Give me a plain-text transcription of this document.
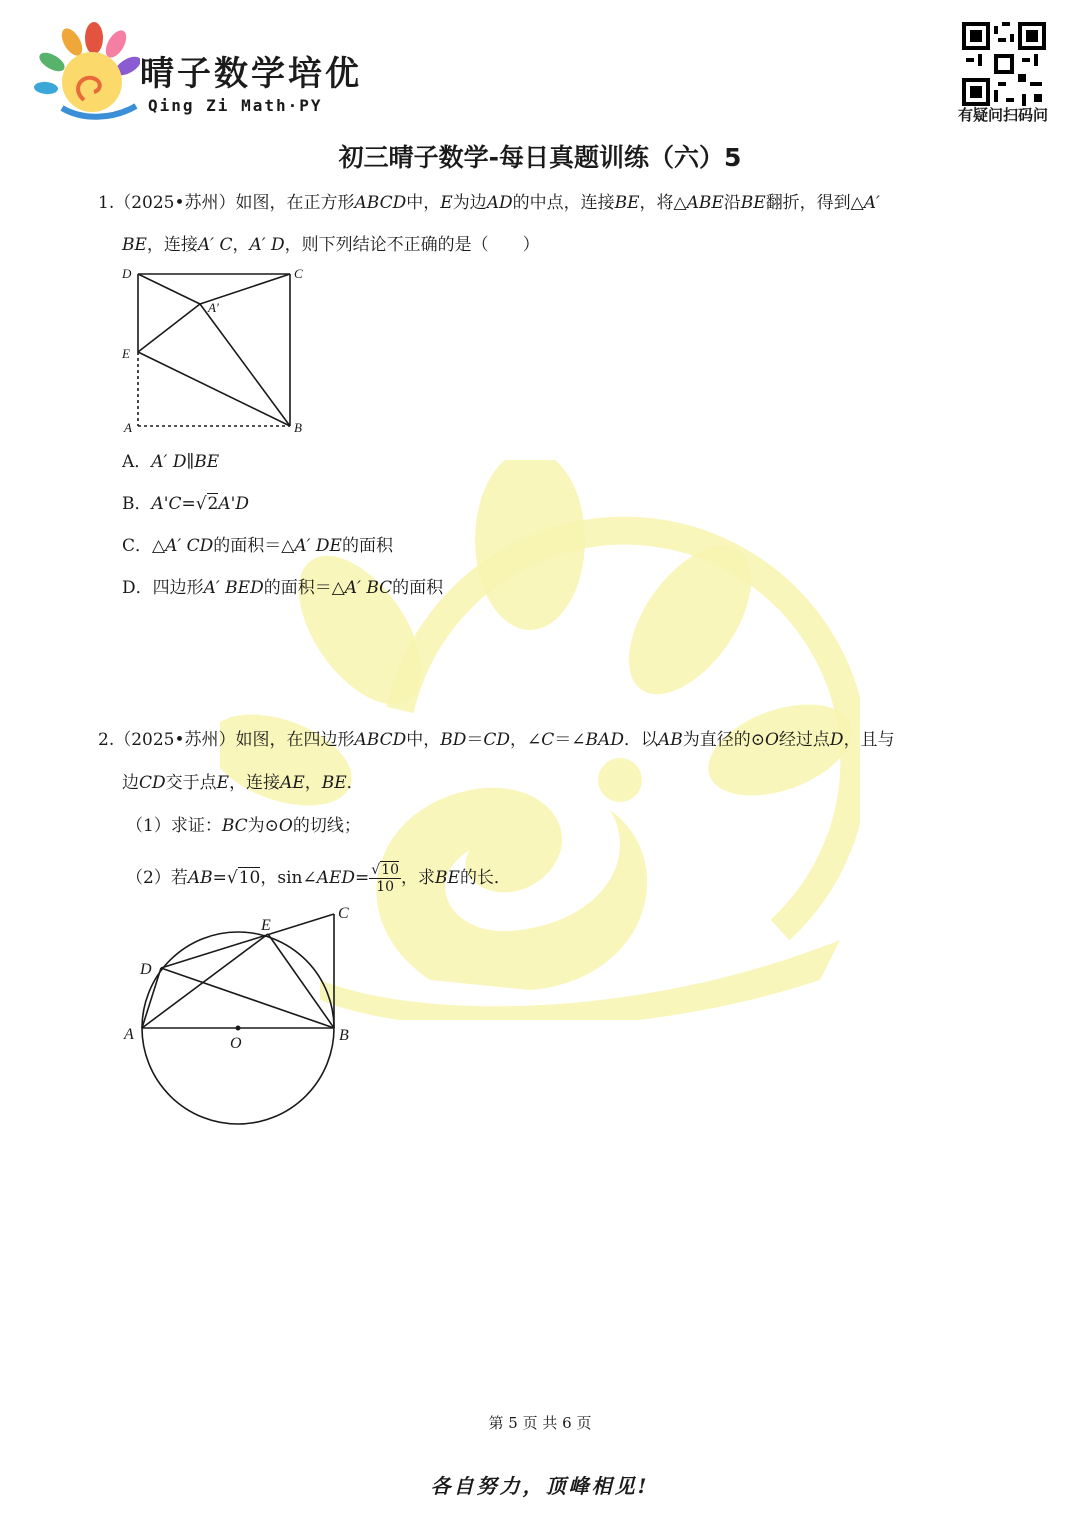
晴子数学培优
Qing Zi Math·PY	有疑问扫码问
初三晴子数学-每日真题训练（六）5
1.（2025•苏州）如图，在正方形ABCD中，E为边AD的中点，连接BE，将△ABE沿BE翻折，得到△A′
BE，连接A′ C，A′ D，则下列结论不正确的是（　　）
D	C
A′
E
A	B
A．A′ D∥BE
B．A'C=√2A'D
C．△A′ CD的面积＝△A′ DE的面积
D．四边形A′ BED的面积＝△A′ BC的面积
2.（2025•苏州）如图，在四边形ABCD中，BD＝CD，∠C＝∠BAD．以AB为直径的⊙O经过点D，且与
边CD交于点E，连接AE，BE．
（1）求证：BC为⊙O的切线；
（2）若AB=√10，sin∠AED= $\frac{√10}{10}$ ，求BE的长．
E
C
D
A
O	B
第 5 页 共 6 页
各自努力，顶峰相见!
